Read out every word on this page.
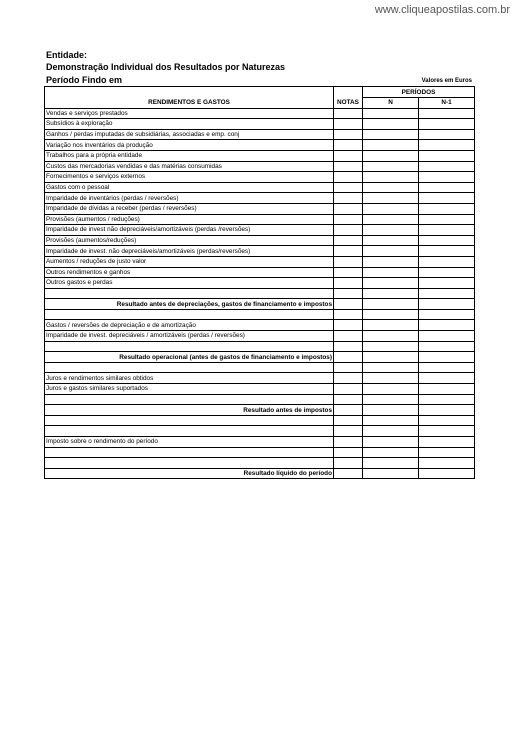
www.cliqueapostilas.com.br
Entidade:
Demonstração Individual dos Resultados por Naturezas
Período Findo em	Valores em Euros
		PERÍODOS	
RENDIMENTOS E GASTOS	NOTAS	N	N-1
Vendas e serviços prestados			
Subsídios à exploração			
Ganhos / perdas imputadas de subsidiárias, associadas e emp. conj			
Variação nos inventários da produção			
Trabalhos para a própria entidade			
Custos das mercadorias vendidas e das matérias consumidas			
Fornecimentos e serviços externos			
Gastos com o pessoal			
Imparidade de inventários (perdas / reversões)			
Imparidade de dívidas a receber (perdas / reversões)			
Provisões (aumentos / reduções)			
Imparidade de invest não depreciáveis/amortizáveis (perdas /reversões)			
Provisões (aumentos/reduções)			
Imparidade de invest. não depreciáveis/amortizáveis (perdas/reversões)			
Aumentos / reduções de justo valor			
Outros rendimentos e ganhos			
Outros gastos e perdas			

Resultado antes de depreciações, gastos de financiamento e impostos			

Gastos / reversões de depreciação e de amortização			
Imparidade de invest. depreciáveis / amortizáveis (perdas / reversões)			

Resultado operacional (antes de gastos de financiamento e impostos)			

Juros e rendimentos similares obtidos			
Juros e gastos similares suportados			

Resultado antes de impostos			

Imposto sobre o rendimento do período			

Resultado líquido do período			
